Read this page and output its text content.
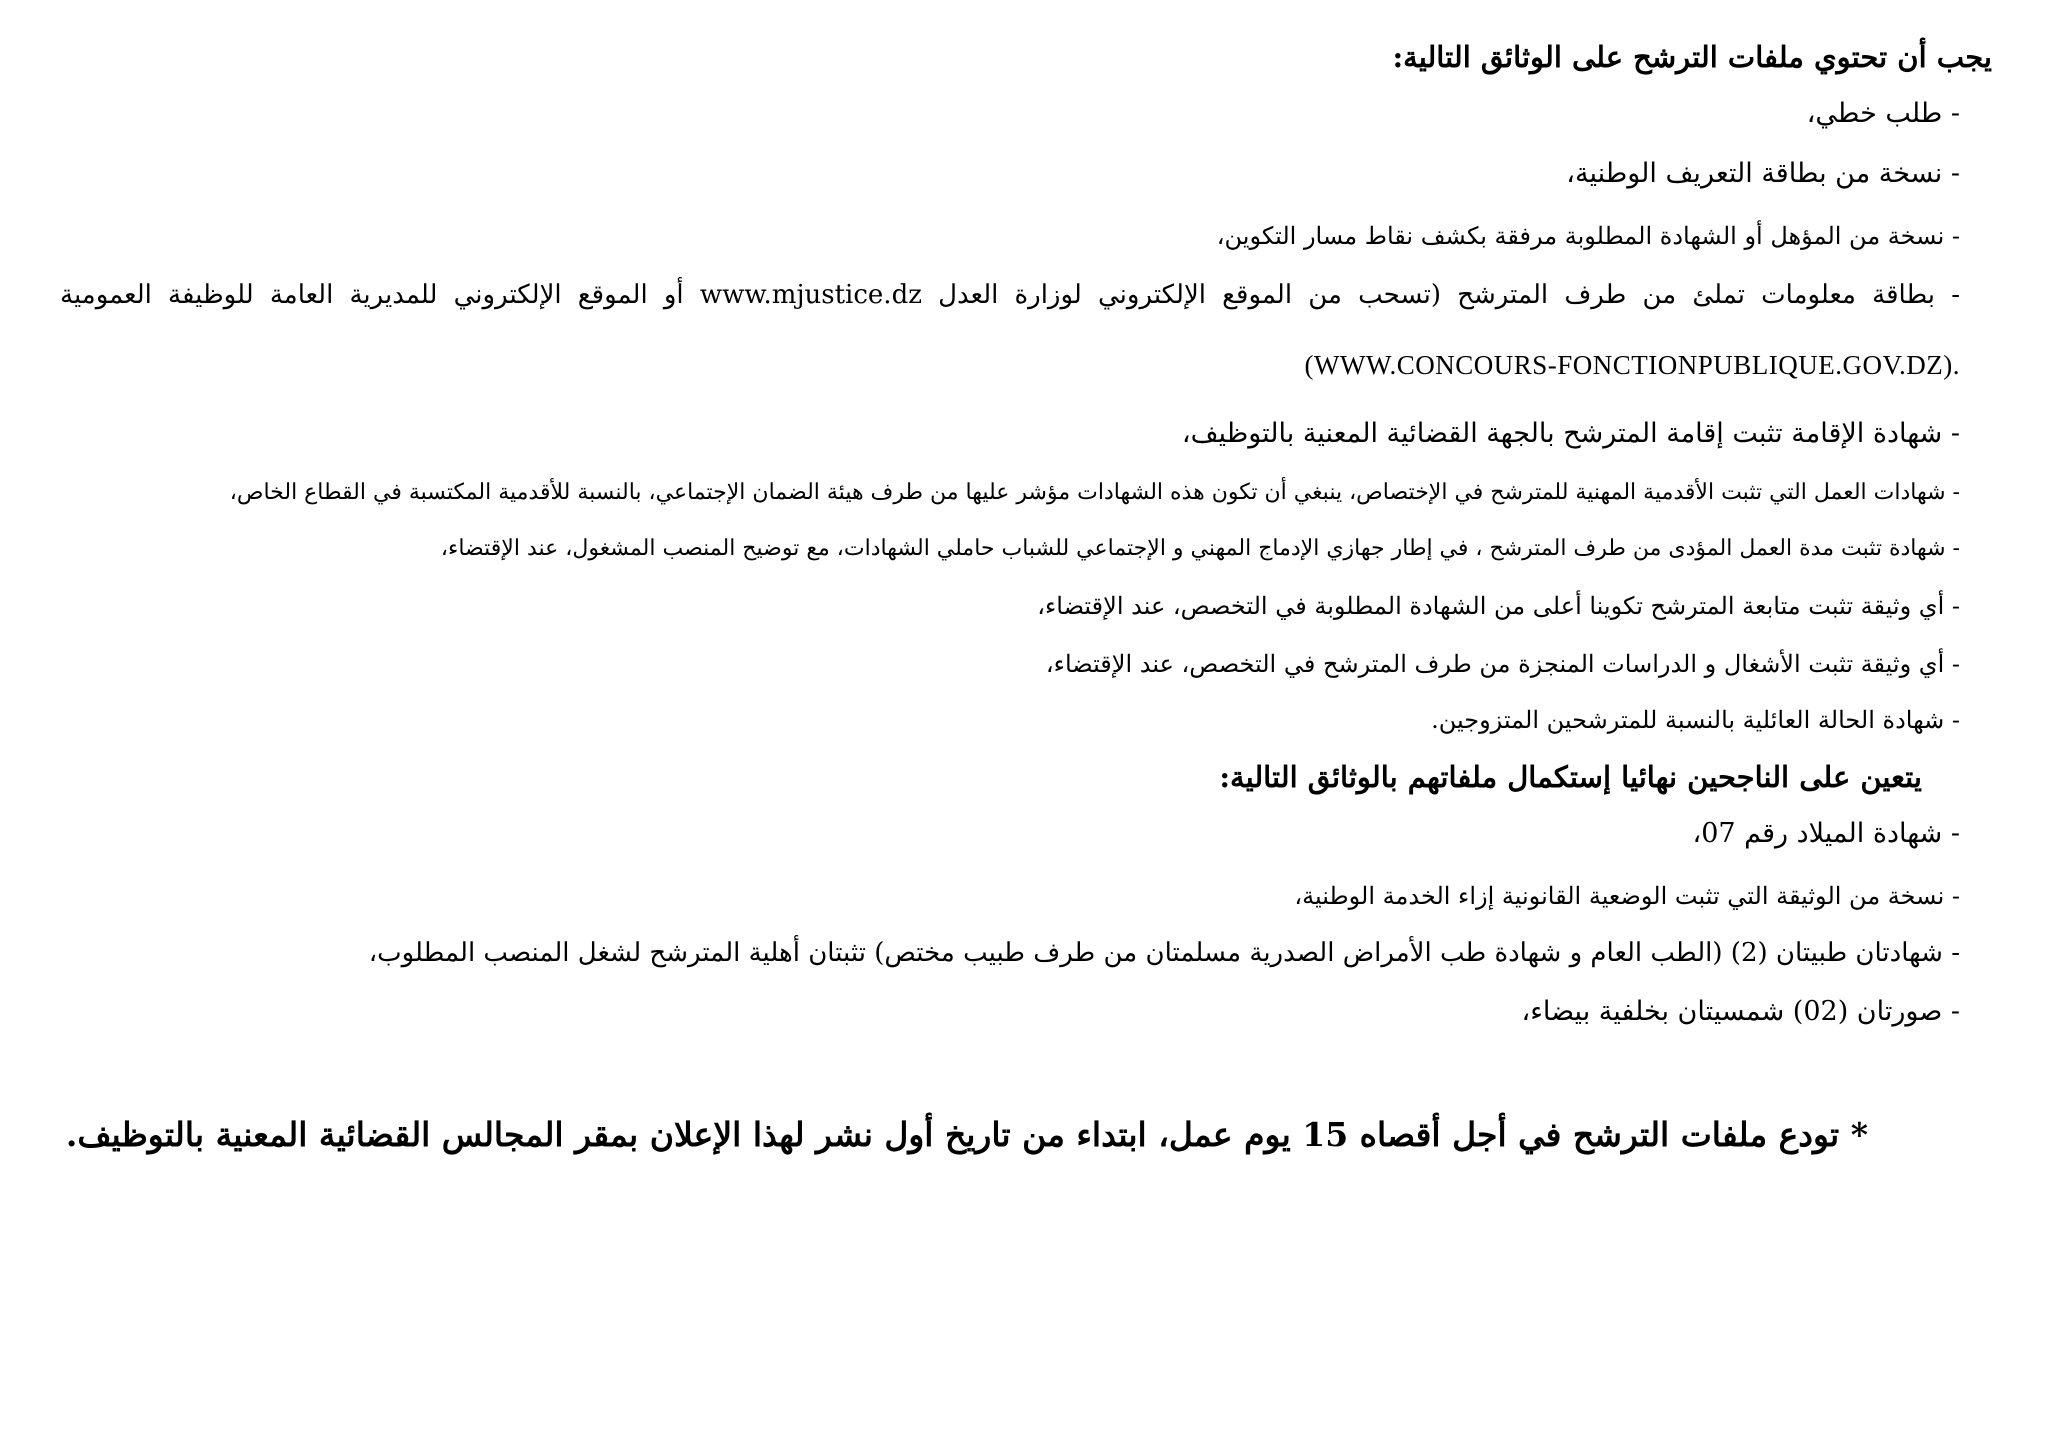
يجب أن تحتوي ملفات الترشح على الوثائق التالية:
- طلب خطي،
- نسخة من بطاقة التعريف الوطنية،
- نسخة من المؤهل أو الشهادة المطلوبة مرفقة بكشف نقاط مسار التكوين،
- بطاقة معلومات تملئ من طرف المترشح (تسحب من الموقع الإلكتروني لوزارة العدل www.mjustice.dz أو الموقع الإلكتروني للمديرية العامة للوظيفة العمومية
(WWW.CONCOURS-FONCTIONPUBLIQUE.GOV.DZ).
- شهادة الإقامة تثبت إقامة المترشح بالجهة القضائية المعنية بالتوظيف،
- شهادات العمل التي تثبت الأقدمية المهنية للمترشح في الإختصاص، ينبغي أن تكون هذه الشهادات مؤشر عليها من طرف هيئة الضمان الإجتماعي، بالنسبة للأقدمية المكتسبة في القطاع الخاص،
- شهادة تثبت مدة العمل المؤدى من طرف المترشح ، في إطار جهازي الإدماج المهني و الإجتماعي للشباب حاملي الشهادات، مع توضيح المنصب المشغول، عند الإقتضاء،
- أي وثيقة تثبت متابعة المترشح تكوينا أعلى من الشهادة المطلوبة في التخصص، عند الإقتضاء،
- أي وثيقة تثبت الأشغال و الدراسات المنجزة من طرف المترشح في التخصص، عند الإقتضاء،
- شهادة الحالة العائلية بالنسبة للمترشحين المتزوجين.
يتعين على الناجحين نهائيا إستكمال ملفاتهم بالوثائق التالية:
- شهادة الميلاد رقم 07،
- نسخة من الوثيقة التي تثبت الوضعية القانونية إزاء الخدمة الوطنية،
- شهادتان طبيتان (2) (الطب العام و شهادة طب الأمراض الصدرية مسلمتان من طرف طبيب مختص) تثبتان أهلية المترشح لشغل المنصب المطلوب،
- صورتان (02) شمسيتان بخلفية بيضاء،
* تودع ملفات الترشح في أجل أقصاه 15 يوم عمل، ابتداء من تاريخ أول نشر لهذا الإعلان بمقر المجالس القضائية المعنية بالتوظيف.
